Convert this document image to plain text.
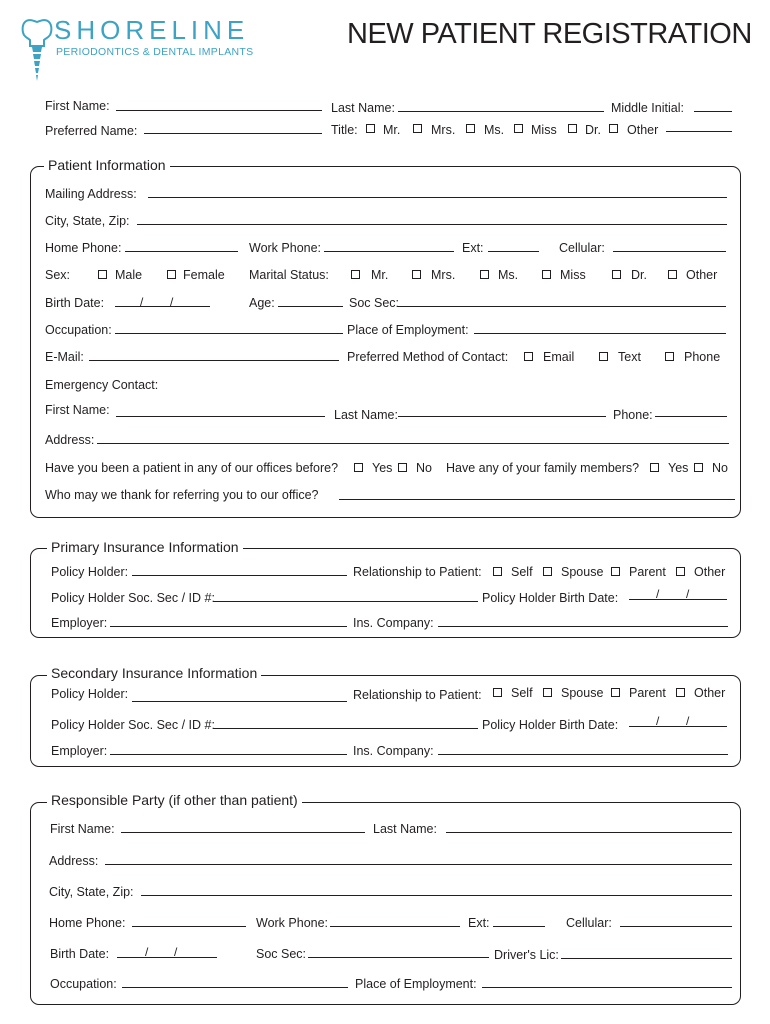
SHORELINE
PERIODONTICS & DENTAL IMPLANTS
NEW PATIENT REGISTRATION
First Name:	Last Name:	Middle Initial:
Preferred Name:	Title: Mr. Mrs. Ms. Miss Dr. Other
Patient Information
Mailing Address:
City, State, Zip:
Home Phone:	Work Phone:	Ext:	Cellular:
Sex:	Male	Female Marital Status:	Mr.	Mrs.	Ms.	Miss	Dr.	Other
Birth Date:	/ /	Age:	Soc Sec:
Occupation:	Place of Employment:
E-Mail:	Preferred Method of Contact:	Email	Text	Phone
Emergency Contact:
First Name:	Last Name:	Phone:
Address:
Have you been a patient in any of our offices before?	Yes No Have any of your family members? Yes No
Who may we thank for referring you to our office?
Primary Insurance Information
Policy Holder:	Relationship to Patient: Self Spouse Parent Other
Policy Holder Soc. Sec / ID #:	Policy Holder Birth Date:	/ /
Employer:	Ins. Company:
Secondary Insurance Information
Policy Holder:	Relationship to Patient: Self Spouse Parent Other
Policy Holder Soc. Sec / ID #:	Policy Holder Birth Date:	/ /
Employer:	Ins. Company:
Responsible Party (if other than patient)
First Name:	Last Name:
Address:
City, State, Zip:
Home Phone:	Work Phone:	Ext:	Cellular:
Birth Date:	/ /	Soc Sec:	Driver's Lic:
Occupation:	Place of Employment:
